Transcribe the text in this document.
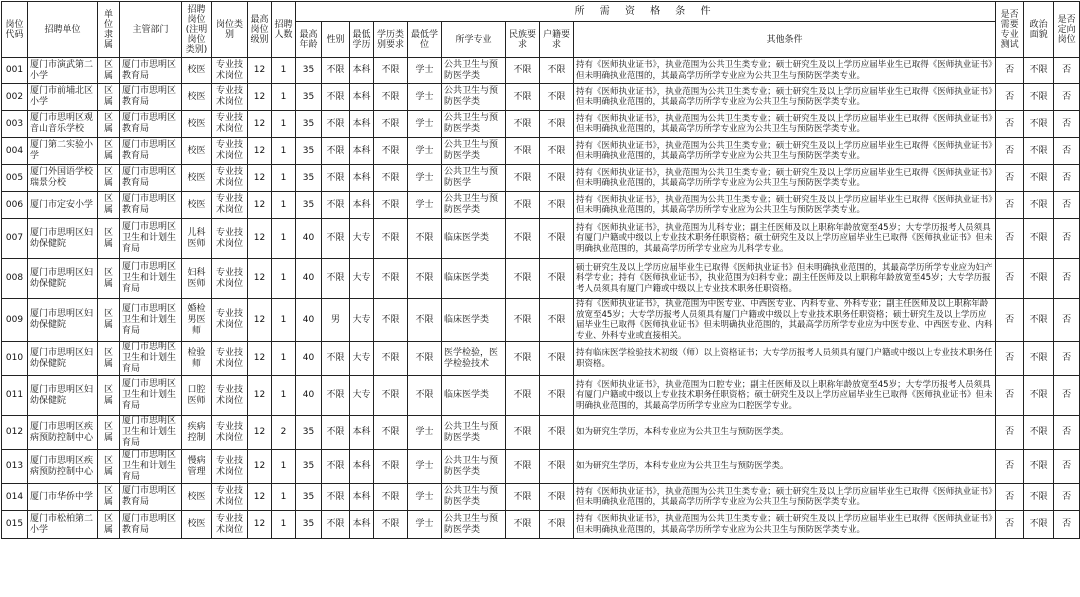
岗位代码	招聘单位	单位隶属	主管部门	招聘岗位(注明岗位类别)	岗位类别	最高岗位级别	招聘人数	所 需 资 格 条 件									是否需要专业测试	政治面貌	是否定向岗位
								最高年龄	性别	最低学历	学历类别要求	最低学位	所学专业	民族要求	户籍要求	其他条件			
001	厦门市演武第二小学	区属	厦门市思明区教育局	校医	专业技术岗位	12	1	35	不限	本科	不限	学士	公共卫生与预防医学类	不限	不限	持有《医师执业证书》，执业范围为公共卫生类专业；硕士研究生及以上学历应届毕业生已取得《医师执业证书》但未明确执业范围的，其最高学历所学专业应为公共卫生与预防医学类专业。	否	不限	否
002	厦门市前埔北区小学	区属	厦门市思明区教育局	校医	专业技术岗位	12	1	35	不限	本科	不限	学士	公共卫生与预防医学类	不限	不限	持有《医师执业证书》，执业范围为公共卫生类专业；硕士研究生及以上学历应届毕业生已取得《医师执业证书》但未明确执业范围的，其最高学历所学专业应为公共卫生与预防医学类专业。	否	不限	否
003	厦门市思明区观音山音乐学校	区属	厦门市思明区教育局	校医	专业技术岗位	12	1	35	不限	本科	不限	学士	公共卫生与预防医学类	不限	不限	持有《医师执业证书》，执业范围为公共卫生类专业；硕士研究生及以上学历应届毕业生已取得《医师执业证书》但未明确执业范围的，其最高学历所学专业应为公共卫生与预防医学类专业。	否	不限	否
004	厦门第二实验小学	区属	厦门市思明区教育局	校医	专业技术岗位	12	1	35	不限	本科	不限	学士	公共卫生与预防医学类	不限	不限	持有《医师执业证书》，执业范围为公共卫生类专业；硕士研究生及以上学历应届毕业生已取得《医师执业证书》但未明确执业范围的，其最高学历所学专业应为公共卫生与预防医学类专业。	否	不限	否
005	厦门外国语学校瑞景分校	区属	厦门市思明区教育局	校医	专业技术岗位	12	1	35	不限	本科	不限	学士	公共卫生与预防医学	不限	不限	持有《医师执业证书》，执业范围为公共卫生类专业；硕士研究生及以上学历应届毕业生已取得《医师执业证书》但未明确执业范围的，其最高学历所学专业应为公共卫生与预防医学类专业。	否	不限	否
006	厦门市定安小学	区属	厦门市思明区教育局	校医	专业技术岗位	12	1	35	不限	本科	不限	学士	公共卫生与预防医学类	不限	不限	持有《医师执业证书》，执业范围为公共卫生类专业；硕士研究生及以上学历应届毕业生已取得《医师执业证书》但未明确执业范围的，其最高学历所学专业应为公共卫生与预防医学类专业。	否	不限	否
007	厦门市思明区妇幼保健院	区属	厦门市思明区卫生和计划生育局	儿科医师	专业技术岗位	12	1	40	不限	大专	不限	不限	临床医学类	不限	不限	持有《医师执业证书》，执业范围为儿科专业；副主任医师及以上职称年龄放宽至45岁；大专学历报考人员须具有厦门户籍或中级以上专业技术职务任职资格；硕士研究生及以上学历应届毕业生已取得《医师执业证书》但未明确执业范围的，其最高学历所学专业应为儿科学专业。	否	不限	否
008	厦门市思明区妇幼保健院	区属	厦门市思明区卫生和计划生育局	妇科医师	专业技术岗位	12	1	40	不限	大专	不限	不限	临床医学类	不限	不限	硕士研究生及以上学历应届毕业生已取得《医师执业证书》但未明确执业范围的，其最高学历所学专业应为妇产科学专业；持有《医师执业证书》，执业范围为妇科专业；副主任医师及以上职称年龄放宽至45岁；大专学历报考人员须具有厦门户籍或中级以上专业技术职务任职资格。	否	不限	否
009	厦门市思明区妇幼保健院	区属	厦门市思明区卫生和计划生育局	婚检男医师	专业技术岗位	12	1	40	男	大专	不限	不限	临床医学类	不限	不限	持有《医师执业证书》，执业范围为中医专业、中西医专业、内科专业、外科专业；副主任医师及以上职称年龄放宽至45岁；大专学历报考人员须具有厦门户籍或中级以上专业技术职务任职资格；硕士研究生及以上学历应届毕业生已取得《医师执业证书》但未明确执业范围的，其最高学历所学专业应为中医专业、中西医专业、内科专业、外科专业或直接相关。	否	不限	否
010	厦门市思明区妇幼保健院	区属	厦门市思明区卫生和计划生育局	检验师	专业技术岗位	12	1	40	不限	大专	不限	不限	医学检验，医学检验技术	不限	不限	持有临床医学检验技术初级（师）以上资格证书；大专学历报考人员须具有厦门户籍或中级以上专业技术职务任职资格。	否	不限	否
011	厦门市思明区妇幼保健院	区属	厦门市思明区卫生和计划生育局	口腔医师	专业技术岗位	12	1	40	不限	大专	不限	不限	临床医学类	不限	不限	持有《医师执业证书》，执业范围为口腔专业；副主任医师及以上职称年龄放宽至45岁；大专学历报考人员须具有厦门户籍或中级以上专业技术职务任职资格；硕士研究生及以上学历应届毕业生已取得《医师执业证书》但未明确执业范围的，其最高学历所学专业应为口腔医学专业。	否	不限	否
012	厦门市思明区疾病预防控制中心	区属	厦门市思明区卫生和计划生育局	疾病控制	专业技术岗位	12	2	35	不限	本科	不限	学士	公共卫生与预防医学类	不限	不限	如为研究生学历，本科专业应为公共卫生与预防医学类。	否	不限	否
013	厦门市思明区疾病预防控制中心	区属	厦门市思明区卫生和计划生育局	慢病管理	专业技术岗位	12	1	35	不限	本科	不限	学士	公共卫生与预防医学类	不限	不限	如为研究生学历，本科专业应为公共卫生与预防医学类。	否	不限	否
014	厦门市华侨中学	区属	厦门市思明区教育局	校医	专业技术岗位	12	1	35	不限	本科	不限	学士	公共卫生与预防医学类	不限	不限	持有《医师执业证书》，执业范围为公共卫生类专业；硕士研究生及以上学历应届毕业生已取得《医师执业证书》但未明确执业范围的，其最高学历所学专业应为公共卫生与预防医学类专业。	否	不限	否
015	厦门市松柏第二小学	区属	厦门市思明区教育局	校医	专业技术岗位	12	1	35	不限	本科	不限	学士	公共卫生与预防医学类	不限	不限	持有《医师执业证书》，执业范围为公共卫生类专业；硕士研究生及以上学历应届毕业生已取得《医师执业证书》但未明确执业范围的，其最高学历所学专业应为公共卫生与预防医学类专业。	否	不限	否
